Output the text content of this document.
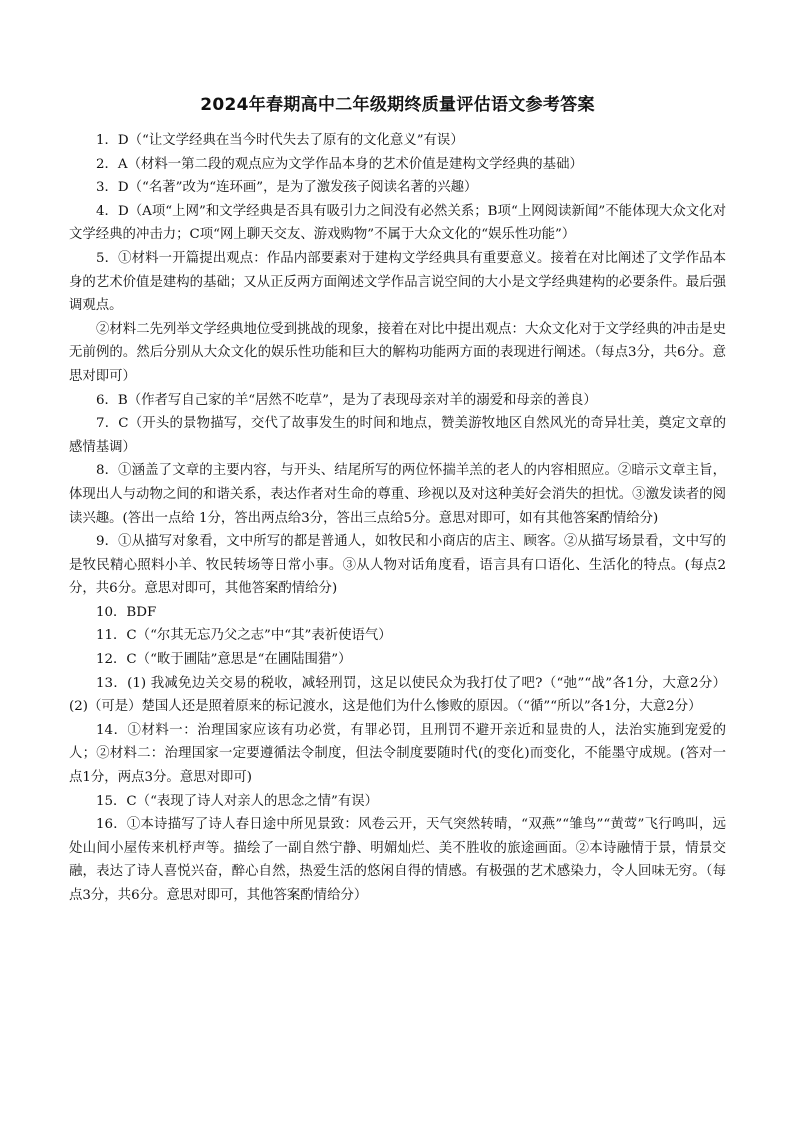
2024年春期高中二年级期终质量评估语文参考答案

1．D（“让文学经典在当今时代失去了原有的文化意义”有误）

2．A（材料一第二段的观点应为文学作品本身的艺术价值是建构文学经典的基础）

3．D（“名著”改为“连环画”，是为了激发孩子阅读名著的兴趣）

4．D（A项“上网”和文学经典是否具有吸引力之间没有必然关系；B项“上网阅读新闻”不能体现大众文化对文学经典的冲击力；C项“网上聊天交友、游戏购物”不属于大众文化的“娱乐性功能”）

5．①材料一开篇提出观点：作品内部要素对于建构文学经典具有重要意义。接着在对比阐述了文学作品本身的艺术价值是建构的基础；又从正反两方面阐述文学作品言说空间的大小是文学经典建构的必要条件。最后强调观点。

②材料二先列举文学经典地位受到挑战的现象，接着在对比中提出观点：大众文化对于文学经典的冲击是史无前例的。然后分别从大众文化的娱乐性功能和巨大的解构功能两方面的表现进行阐述。（每点3分，共6分。意思对即可）

6．B（作者写自己家的羊“居然不吃草”，是为了表现母亲对羊的溺爱和母亲的善良）

7．C（开头的景物描写，交代了故事发生的时间和地点，赞美游牧地区自然风光的奇异壮美，奠定文章的感情基调）

8．①涵盖了文章的主要内容，与开头、结尾所写的两位怀揣羊羔的老人的内容相照应。②暗示文章主旨，体现出人与动物之间的和谐关系，表达作者对生命的尊重、珍视以及对这种美好会消失的担忧。③激发读者的阅读兴趣。(答出一点给 1分，答出两点给3分，答出三点给5分。意思对即可，如有其他答案酌情给分)

9．①从描写对象看，文中所写的都是普通人，如牧民和小商店的店主、顾客。②从描写场景看，文中写的是牧民精心照料小羊、牧民转场等日常小事。③从人物对话角度看，语言具有口语化、生活化的特点。(每点2分，共6分。意思对即可，其他答案酌情给分)

10．BDF

11．C（“尔其无忘乃父之志”中“其”表祈使语气）

12．C（“畋于圃陆”意思是“在圃陆围猎”）

13．(1) 我减免边关交易的税收，减轻刑罚，这足以使民众为我打仗了吧?（“弛”“战”各1分，大意2分）(2)（可是）楚国人还是照着原来的标记渡水，这是他们为什么惨败的原因。（“循”“所以”各1分，大意2分）

14．①材料一：治理国家应该有功必赏，有罪必罚，且刑罚不避开亲近和显贵的人，法治实施到宠爱的人；②材料二：治理国家一定要遵循法令制度，但法令制度要随时代(的变化)而变化，不能墨守成规。(答对一点1分，两点3分。意思对即可)

15．C（“表现了诗人对亲人的思念之情”有误）

16．①本诗描写了诗人春日途中所见景致：风卷云开，天气突然转晴，“双燕”“雏鸟”“黄莺”飞行鸣叫，远处山间小屋传来机杼声等。描绘了一副自然宁静、明媚灿烂、美不胜收的旅途画面。②本诗融情于景，情景交融，表达了诗人喜悦兴奋，醉心自然，热爱生活的悠闲自得的情感。有极强的艺术感染力，令人回味无穷。（每点3分，共6分。意思对即可，其他答案酌情给分）
